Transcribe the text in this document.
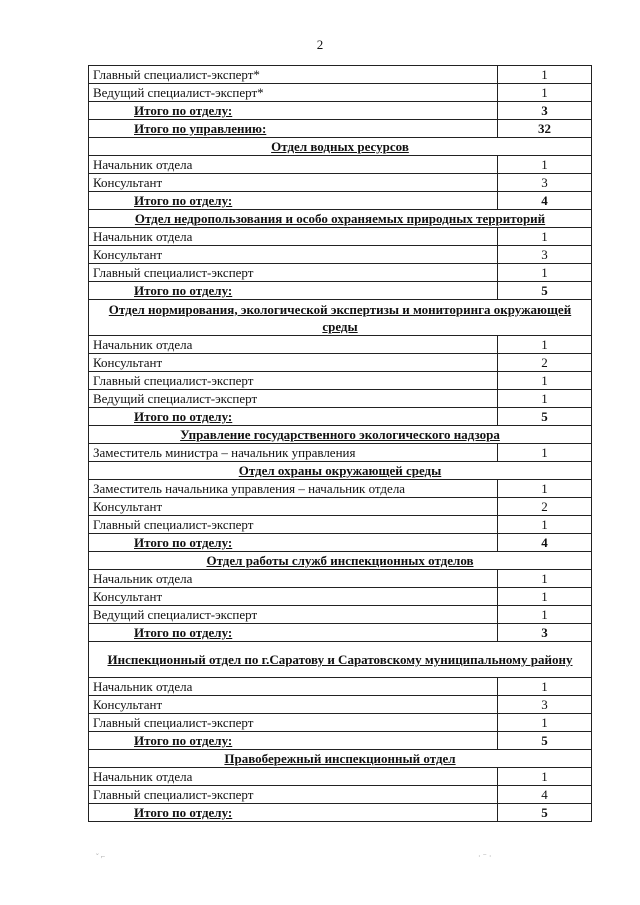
2
Главный специалист-эксперт*	1
Ведущий специалист-эксперт*	1
Итого по отделу:	3
Итого по управлению:	32
Отдел водных ресурсов	
Начальник отдела	1
Консультант	3
Итого по отделу:	4
Отдел недропользования и особо охраняемых природных территорий	
Начальник отдела	1
Консультант	3
Главный специалист-эксперт	1
Итого по отделу:	5
Отдел нормирования, экологической экспертизы и мониторинга окружающей среды	
Начальник отдела	1
Консультант	2
Главный специалист-эксперт	1
Ведущий специалист-эксперт	1
Итого по отделу:	5
Управление государственного экологического надзора	
Заместитель министра – начальник управления	1
Отдел охраны окружающей среды	
Заместитель начальника управления – начальник отдела	1
Консультант	2
Главный специалист-эксперт	1
Итого по отделу:	4
Отдел работы служб инспекционных отделов	
Начальник отдела	1
Консультант	1
Ведущий специалист-эксперт	1
Итого по отделу:	3
Инспекционный отдел по г.Саратову и Саратовскому муниципальному району	
Начальник отдела	1
Консультант	3
Главный специалист-эксперт	1
Итого по отделу:	5
Правобережный инспекционный отдел	
Начальник отдела	1
Главный специалист-эксперт	4
Итого по отделу:	5
˘ ⌐	· ⁻ ·
